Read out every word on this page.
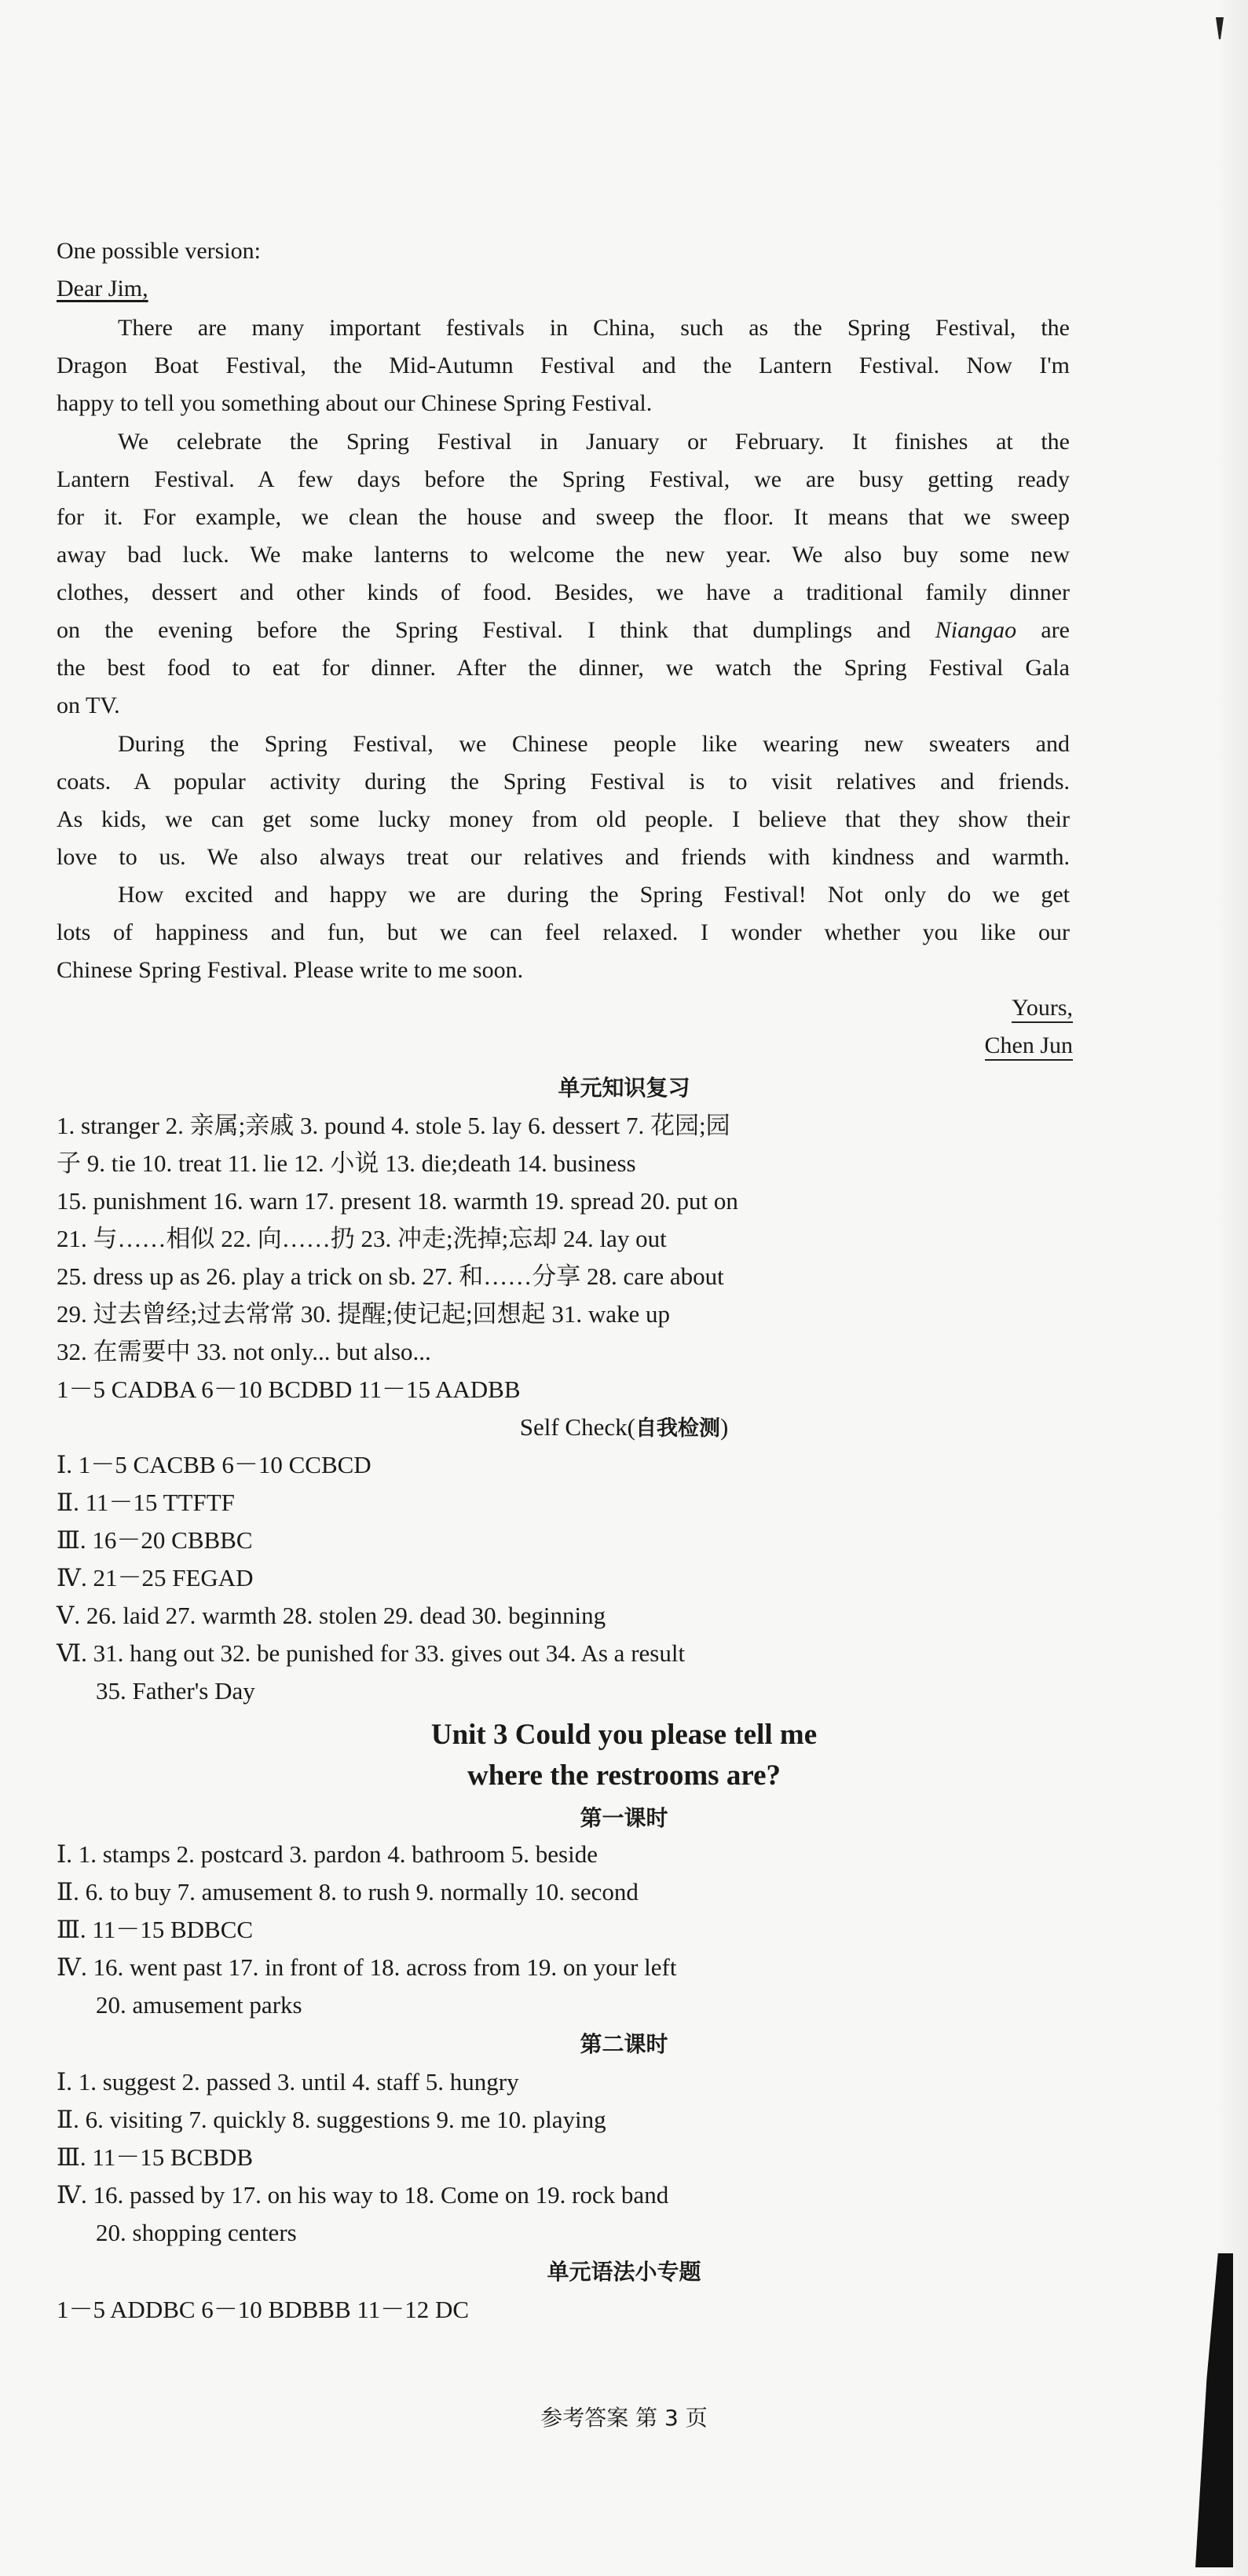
One possible version:
Dear Jim,
There are many important festivals in China, such as the Spring Festival, the
Dragon Boat Festival, the Mid-Autumn Festival and the Lantern Festival. Now I'm
happy to tell you something about our Chinese Spring Festival.
We celebrate the Spring Festival in January or February. It finishes at the
Lantern Festival. A few days before the Spring Festival, we are busy getting ready
for it. For example, we clean the house and sweep the floor. It means that we sweep
away bad luck. We make lanterns to welcome the new year. We also buy some new
clothes, dessert and other kinds of food. Besides, we have a traditional family dinner
on the evening before the Spring Festival. I think that dumplings and Niangao are
the best food to eat for dinner. After the dinner, we watch the Spring Festival Gala
on TV.
During the Spring Festival, we Chinese people like wearing new sweaters and
coats. A popular activity during the Spring Festival is to visit relatives and friends.
As kids, we can get some lucky money from old people. I believe that they show their
love to us. We also always treat our relatives and friends with kindness and warmth.
How excited and happy we are during the Spring Festival! Not only do we get
lots of happiness and fun, but we can feel relaxed. I wonder whether you like our
Chinese Spring Festival. Please write to me soon.
Yours,
Chen Jun
单元知识复习
1. stranger 2. 亲属;亲戚 3. pound 4. stole 5. lay 6. dessert 7. 花园;园
子 9. tie 10. treat 11. lie 12. 小说 13. die;death 14. business
15. punishment 16. warn 17. present 18. warmth 19. spread 20. put on
21. 与……相似 22. 向……扔 23. 冲走;洗掉;忘却 24. lay out
25. dress up as 26. play a trick on sb. 27. 和……分享 28. care about
29. 过去曾经;过去常常 30. 提醒;使记起;回想起 31. wake up
32. 在需要中 33. not only... but also...
1－5 CADBA 6－10 BCDBD 11－15 AADBB
Self Check(自我检测)
Ⅰ. 1－5 CACBB 6－10 CCBCD
Ⅱ. 11－15 TTFTF
Ⅲ. 16－20 CBBBC
Ⅳ. 21－25 FEGAD
Ⅴ. 26. laid 27. warmth 28. stolen 29. dead 30. beginning
Ⅵ. 31. hang out 32. be punished for 33. gives out 34. As a result
35. Father's Day
Unit 3 Could you please tell me
where the restrooms are?
第一课时
Ⅰ. 1. stamps 2. postcard 3. pardon 4. bathroom 5. beside
Ⅱ. 6. to buy 7. amusement 8. to rush 9. normally 10. second
Ⅲ. 11－15 BDBCC
Ⅳ. 16. went past 17. in front of 18. across from 19. on your left
20. amusement parks
第二课时
Ⅰ. 1. suggest 2. passed 3. until 4. staff 5. hungry
Ⅱ. 6. visiting 7. quickly 8. suggestions 9. me 10. playing
Ⅲ. 11－15 BCBDB
Ⅳ. 16. passed by 17. on his way to 18. Come on 19. rock band
20. shopping centers
单元语法小专题
1－5 ADDBC 6－10 BDBBB 11－12 DC
参考答案 第 3 页
